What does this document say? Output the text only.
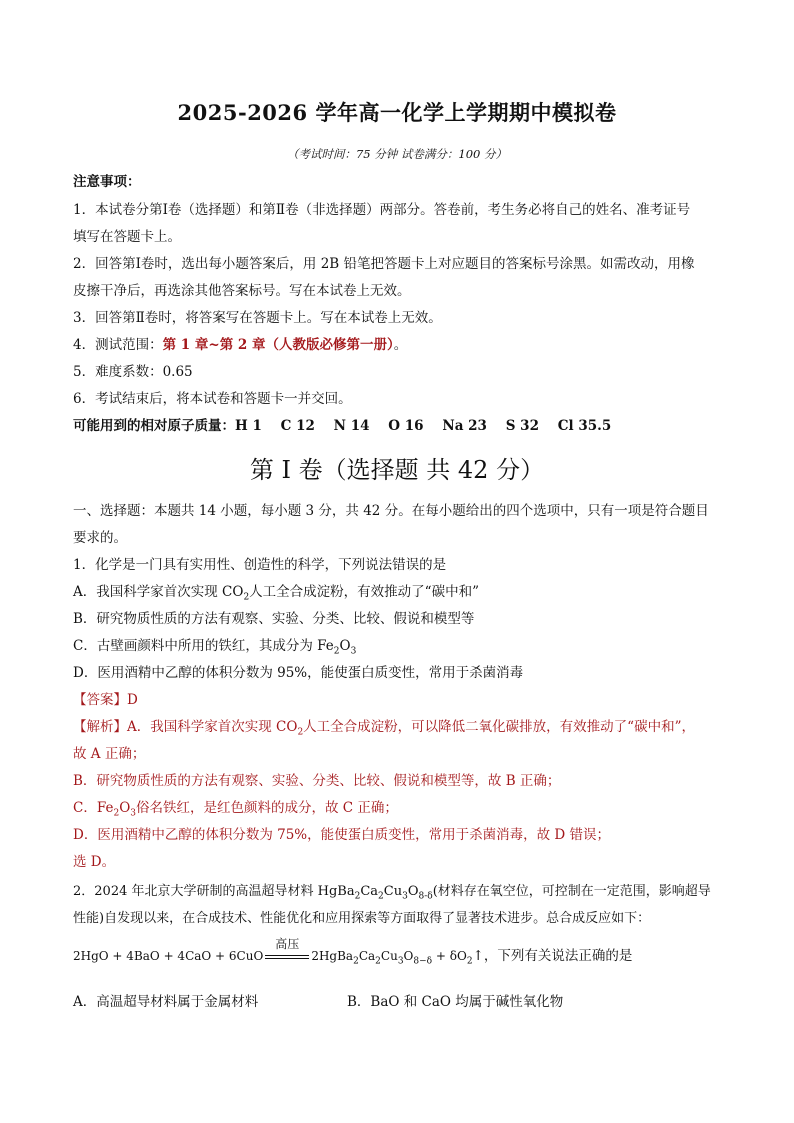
2025-2026 学年高一化学上学期期中模拟卷
（考试时间：75 分钟 试卷满分：100 分）
注意事项：
1．本试卷分第Ⅰ卷（选择题）和第Ⅱ卷（非选择题）两部分。答卷前，考生务必将自己的姓名、准考证号
填写在答题卡上。
2．回答第Ⅰ卷时，选出每小题答案后，用 2B 铅笔把答题卡上对应题目的答案标号涂黑。如需改动，用橡
皮擦干净后，再选涂其他答案标号。写在本试卷上无效。
3．回答第Ⅱ卷时，将答案写在答题卡上。写在本试卷上无效。
4．测试范围：第 1 章~第 2 章（人教版必修第一册）。
5．难度系数：0.65
6．考试结束后，将本试卷和答题卡一并交回。
可能用到的相对原子质量：H 1    C 12    N 14    O 16    Na 23    S 32    Cl 35.5
第 I 卷（选择题 共 42 分）
一、选择题：本题共 14 小题，每小题 3 分，共 42 分。在每小题给出的四个选项中，只有一项是符合题目
要求的。
1．化学是一门具有实用性、创造性的科学，下列说法错误的是
A．我国科学家首次实现 $CO_2$人工全合成淀粉，有效推动了“碳中和”
B．研究物质性质的方法有观察、实验、分类、比较、假说和模型等
C．古壁画颜料中所用的铁红，其成分为 $Fe_2O_3$
D．医用酒精中乙醇的体积分数为 95%，能使蛋白质变性，常用于杀菌消毒
【答案】D
【解析】A．我国科学家首次实现 $CO_2$人工全合成淀粉，可以降低二氧化碳排放，有效推动了“碳中和”，
故 A 正确；
B．研究物质性质的方法有观察、实验、分类、比较、假说和模型等，故 B 正确；
C．$Fe_2O_3$俗名铁红，是红色颜料的成分，故 C 正确；
D．医用酒精中乙醇的体积分数为 75%，能使蛋白质变性，常用于杀菌消毒，故 D 错误；
选 D。
2．2024 年北京大学研制的高温超导材料 $HgBa_2Ca_2Cu_3O_{8-\delta}$(材料存在氧空位，可控制在一定范围，影响超导
性能)自发现以来，在合成技术、性能优化和应用探索等方面取得了显著技术进步。总合成反应如下：
2HgO + 4BaO + 4CaO + 6CuO
高压
$2HgBa_2Ca_2Cu_3O_{8-\delta}$ + $\delta O_2↑$，下列有关说法正确的是
A．高温超导材料属于金属材料	B．BaO 和 CaO 均属于碱性氧化物
